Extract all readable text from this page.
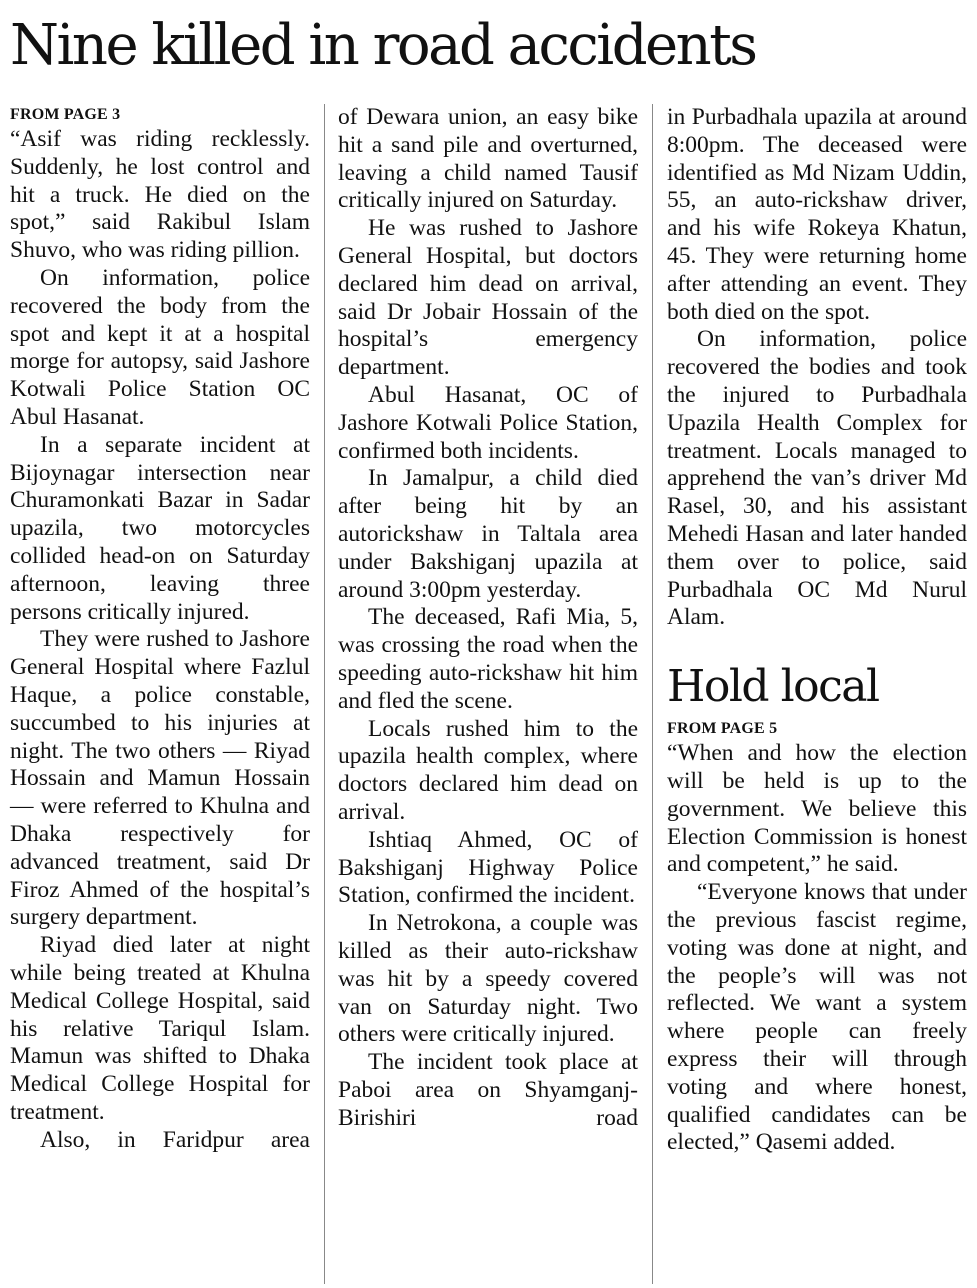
Nine killed in road accidents

FROM PAGE 3

“Asif was riding recklessly. Suddenly, he lost control and hit a truck. He died on the spot,” said Rakibul Islam Shuvo, who was riding pillion.

On information, police recovered the body from the spot and kept it at a hospital morge for autopsy, said Jashore Kotwali Police Station OC Abul Hasanat.

In a separate incident at Bijoynagar intersection near Churamonkati Bazar in Sadar upazila, two motorcycles collided head-on on Saturday afternoon, leaving three persons critically injured.

They were rushed to Jashore General Hospital where Fazlul Haque, a police constable, succumbed to his injuries at night. The two others — Riyad Hossain and Mamun Hossain — were referred to Khulna and Dhaka respectively for advanced treatment, said Dr Firoz Ahmed of the hospital’s surgery department.

Riyad died later at night while being treated at Khulna Medical College Hospital, said his relative Tariqul Islam. Mamun was shifted to Dhaka Medical College Hospital for treatment.

Also, in Faridpur area

of Dewara union, an easy bike hit a sand pile and overturned, leaving a child named Tausif critically injured on Saturday.

He was rushed to Jashore General Hospital, but doctors declared him dead on arrival, said Dr Jobair Hossain of the hospital’s emergency department.

Abul Hasanat, OC of Jashore Kotwali Police Station, confirmed both incidents.

In Jamalpur, a child died after being hit by an autorickshaw in Taltala area under Bakshiganj upazila at around 3:00pm yesterday.

The deceased, Rafi Mia, 5, was crossing the road when the speeding auto-rickshaw hit him and fled the scene.

Locals rushed him to the upazila health complex, where doctors declared him dead on arrival.

Ishtiaq Ahmed, OC of Bakshiganj Highway Police Station, confirmed the incident.

In Netrokona, a couple was killed as their auto-rickshaw was hit by a speedy covered van on Saturday night. Two others were critically injured.

The incident took place at Paboi area on Shyamganj-Birishiri road

in Purbadhala upazila at around 8:00pm. The deceased were identified as Md Nizam Uddin, 55, an auto-rickshaw driver, and his wife Rokeya Khatun, 45. They were returning home after attending an event. They both died on the spot.

On information, police recovered the bodies and took the injured to Purbadhala Upazila Health Complex for treatment. Locals managed to apprehend the van’s driver Md Rasel, 30, and his assistant Mehedi Hasan and later handed them over to police, said Purbadhala OC Md Nurul Alam.

Hold local

FROM PAGE 5

“When and how the election will be held is up to the government. We believe this Election Commission is honest and competent,” he said.

“Everyone knows that under the previous fascist regime, voting was done at night, and the people’s will was not reflected. We want a system where people can freely express their will through voting and where honest, qualified candidates can be elected,” Qasemi added.
